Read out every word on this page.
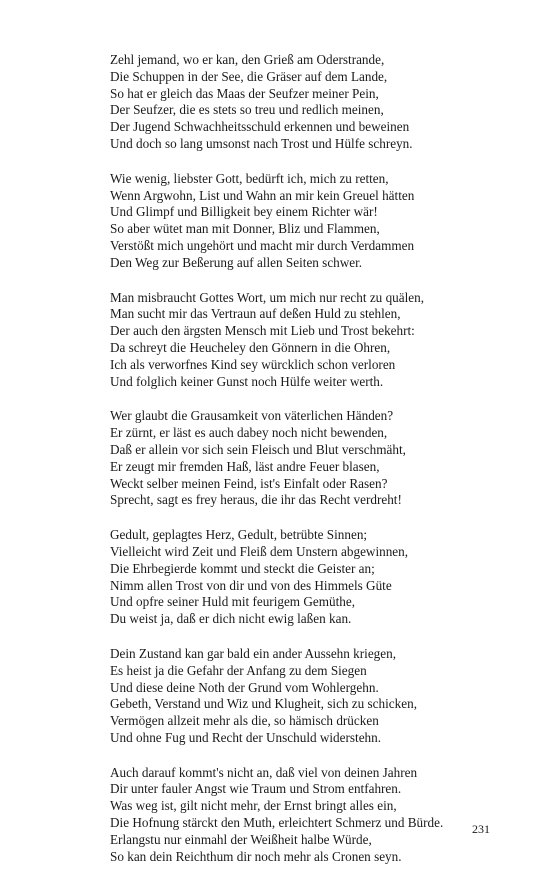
Zehl jemand, wo er kan, den Grieß am Oderstrande,
Die Schuppen in der See, die Gräser auf dem Lande,
So hat er gleich das Maas der Seufzer meiner Pein,
Der Seufzer, die es stets so treu und redlich meinen,
Der Jugend Schwachheitsschuld erkennen und beweinen
Und doch so lang umsonst nach Trost und Hülfe schreyn.
Wie wenig, liebster Gott, bedürft ich, mich zu retten,
Wenn Argwohn, List und Wahn an mir kein Greuel hätten
Und Glimpf und Billigkeit bey einem Richter wär!
So aber wütet man mit Donner, Bliz und Flammen,
Verstößt mich ungehört und macht mir durch Verdammen
Den Weg zur Beßerung auf allen Seiten schwer.
Man misbraucht Gottes Wort, um mich nur recht zu quälen,
Man sucht mir das Vertraun auf deßen Huld zu stehlen,
Der auch den ärgsten Mensch mit Lieb und Trost bekehrt:
Da schreyt die Heucheley den Gönnern in die Ohren,
Ich als verworfnes Kind sey würcklich schon verloren
Und folglich keiner Gunst noch Hülfe weiter werth.
Wer glaubt die Grausamkeit von väterlichen Händen?
Er zürnt, er läst es auch dabey noch nicht bewenden,
Daß er allein vor sich sein Fleisch und Blut verschmäht,
Er zeugt mir fremden Haß, läst andre Feuer blasen,
Weckt selber meinen Feind, ist's Einfalt oder Rasen?
Sprecht, sagt es frey heraus, die ihr das Recht verdreht!
Gedult, geplagtes Herz, Gedult, betrübte Sinnen;
Vielleicht wird Zeit und Fleiß dem Unstern abgewinnen,
Die Ehrbegierde kommt und steckt die Geister an;
Nimm allen Trost von dir und von des Himmels Güte
Und opfre seiner Huld mit feurigem Gemüthe,
Du weist ja, daß er dich nicht ewig laßen kan.
Dein Zustand kan gar bald ein ander Aussehn kriegen,
Es heist ja die Gefahr der Anfang zu dem Siegen
Und diese deine Noth der Grund vom Wohlergehn.
Gebeth, Verstand und Wiz und Klugheit, sich zu schicken,
Vermögen allzeit mehr als die, so hämisch drücken
Und ohne Fug und Recht der Unschuld widerstehn.
Auch darauf kommt's nicht an, daß viel von deinen Jahren
Dir unter fauler Angst wie Traum und Strom entfahren.
Was weg ist, gilt nicht mehr, der Ernst bringt alles ein,
Die Hofnung stärckt den Muth, erleichtert Schmerz und Bürde.
Erlangstu nur einmahl der Weißheit halbe Würde,
So kan dein Reichthum dir noch mehr als Cronen seyn.
231
